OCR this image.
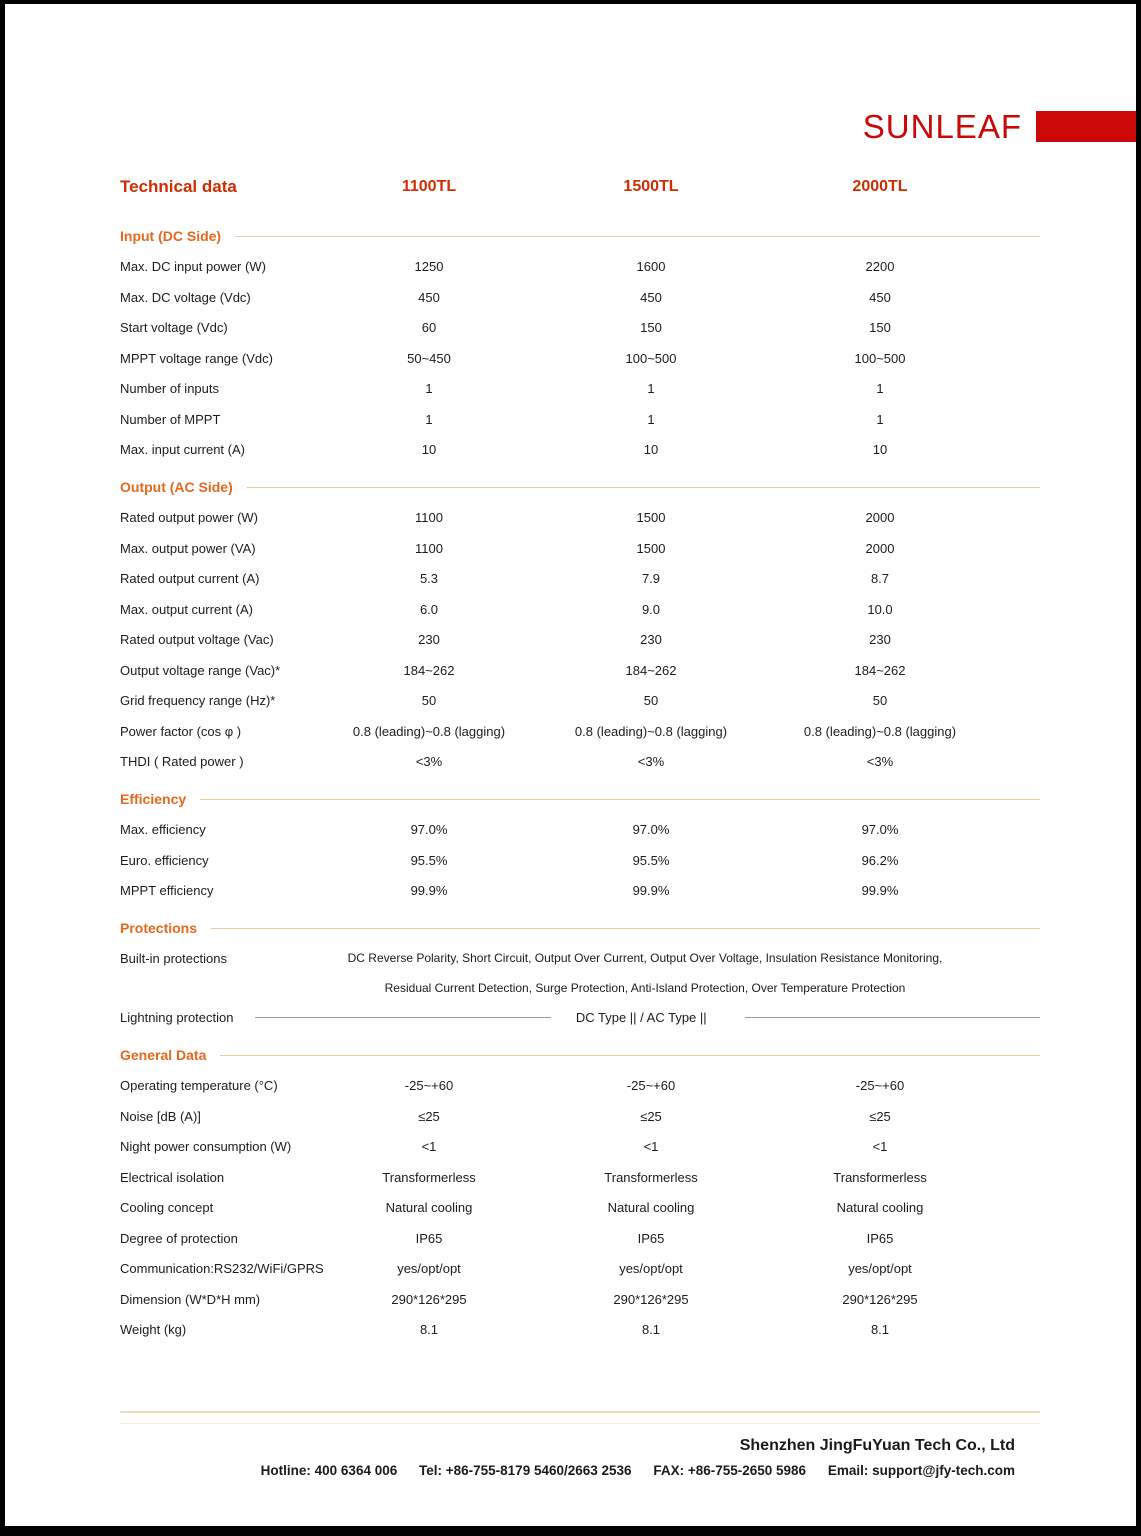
SUNLEAF
Technical data	1100TL	1500TL	2000TL
Input (DC Side)
Max. DC input power (W)	1250	1600	2200
Max. DC voltage (Vdc)	450	450	450
Start voltage (Vdc)	60	150	150
MPPT voltage range (Vdc)	50~450	100~500	100~500
Number of inputs	1	1	1
Number of MPPT	1	1	1
Max. input current (A)	10	10	10
Output (AC Side)
Rated output power (W)	1100	1500	2000
Max. output power (VA)	1100	1500	2000
Rated output current (A)	5.3	7.9	8.7
Max. output current (A)	6.0	9.0	10.0
Rated output voltage (Vac)	230	230	230
Output voltage range (Vac)*	184~262	184~262	184~262
Grid frequency range (Hz)*	50	50	50
Power factor (cos φ )	0.8 (leading)~0.8 (lagging)	0.8 (leading)~0.8 (lagging)	0.8 (leading)~0.8 (lagging)
THDI ( Rated power )	<3%	<3%	<3%
Efficiency
Max. efficiency	97.0%	97.0%	97.0%
Euro. efficiency	95.5%	95.5%	96.2%
MPPT efficiency	99.9%	99.9%	99.9%
Protections
Built-in protections	DC Reverse Polarity, Short Circuit, Output Over Current, Output Over Voltage, Insulation Resistance Monitoring,
Residual Current Detection, Surge Protection, Anti-Island Protection, Over Temperature Protection
Lightning protection	DC Type || / AC Type ||
General Data
Operating temperature (°C)	-25~+60	-25~+60	-25~+60
Noise [dB (A)]	≤25	≤25	≤25
Night power consumption (W)	<1	<1	<1
Electrical isolation	Transformerless	Transformerless	Transformerless
Cooling concept	Natural cooling	Natural cooling	Natural cooling
Degree of protection	IP65	IP65	IP65
Communication:RS232/WiFi/GPRS	yes/opt/opt	yes/opt/opt	yes/opt/opt
Dimension (W*D*H mm)	290*126*295	290*126*295	290*126*295
Weight (kg)	8.1	8.1	8.1
Shenzhen JingFuYuan Tech Co., Ltd
Hotline: 400 6364 006 Tel: +86-755-8179 5460/2663 2536 FAX: +86-755-2650 5986 Email: support@jfy-tech.com
